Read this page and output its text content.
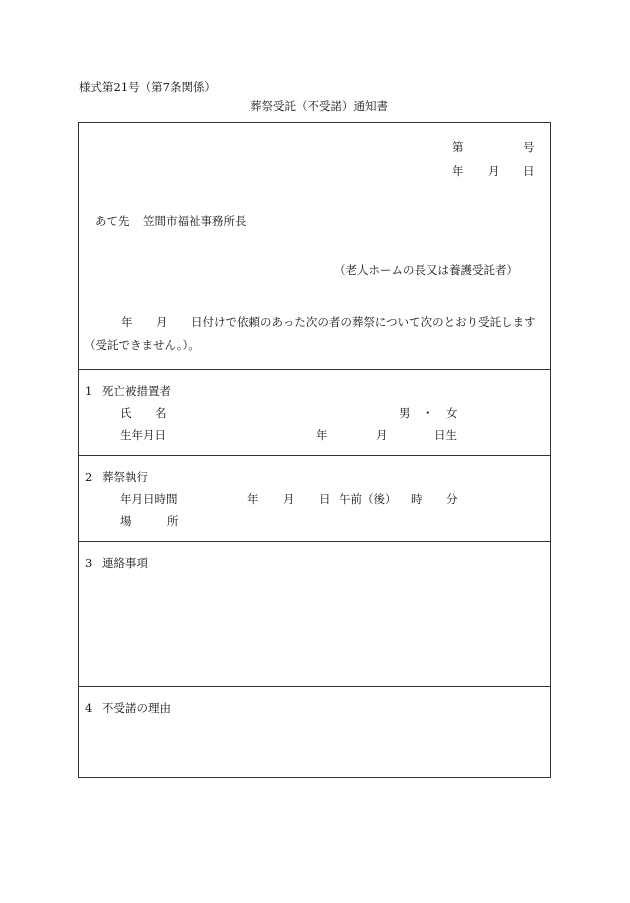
様式第21号（第7条関係）
葬祭受託（不受諾）通知書
第	号
年 月 日
あて先 笠間市福祉事務所長
（老人ホームの長又は養護受託者）
年 月 日付けで依頼のあった次の者の葬祭について次のとおり受託します
（受託できません。）。
1 死亡被措置者
氏 名	男 ・ 女
生年月日	年	月	日生
2 葬祭執行
年月日時間	年 月 日 午前（後） 時 分
場	所
3 連絡事項
4 不受諾の理由
